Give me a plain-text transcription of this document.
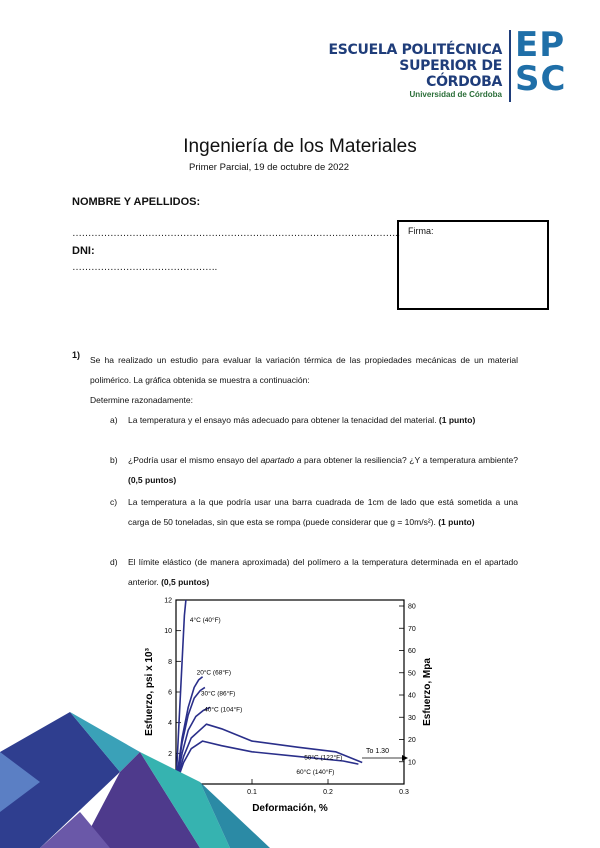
ESCUELA POLITÉCNICA
SUPERIOR DE CÓRDOBA
Universidad de Córdoba
EP
SC
Ingeniería de los Materiales
Primer Parcial, 19 de octubre de 2022
NOMBRE Y APELLIDOS:
…………………………………………………………………………………………..
DNI:
……………………………………….
Firma:
1) Se ha realizado un estudio para evaluar la variación térmica de las propiedades mecánicas de un material polimérico. La gráfica obtenida se muestra a continuación:
Determine razonadamente:
a) La temperatura y el ensayo más adecuado para obtener la tenacidad del material. (1 punto)
b) ¿Podría usar el mismo ensayo del apartado a para obtener la resiliencia? ¿Y a temperatura ambiente? (0,5 puntos)
c) La temperatura a la que podría usar una barra cuadrada de 1cm de lado que está sometida a una carga de 50 toneladas, sin que esta se rompa (puede considerar que g = 10m/s²). (1 punto)
d) El límite elástico (de manera aproximada) del polímero a la temperatura determinada en el apartado anterior. (0,5 puntos)
2
4
6
8
10
12
10
20
30
40
50
60
70
80
0.1	0.2	0.3
4°C (40°F)
20°C (68°F)
30°C (86°F)
40°C (104°F)
50°C (122°F)
60°C (140°F)
Esfuerzo, psi x 10³	Esfuerzo, Mpa
Deformación, %
To 1.30
